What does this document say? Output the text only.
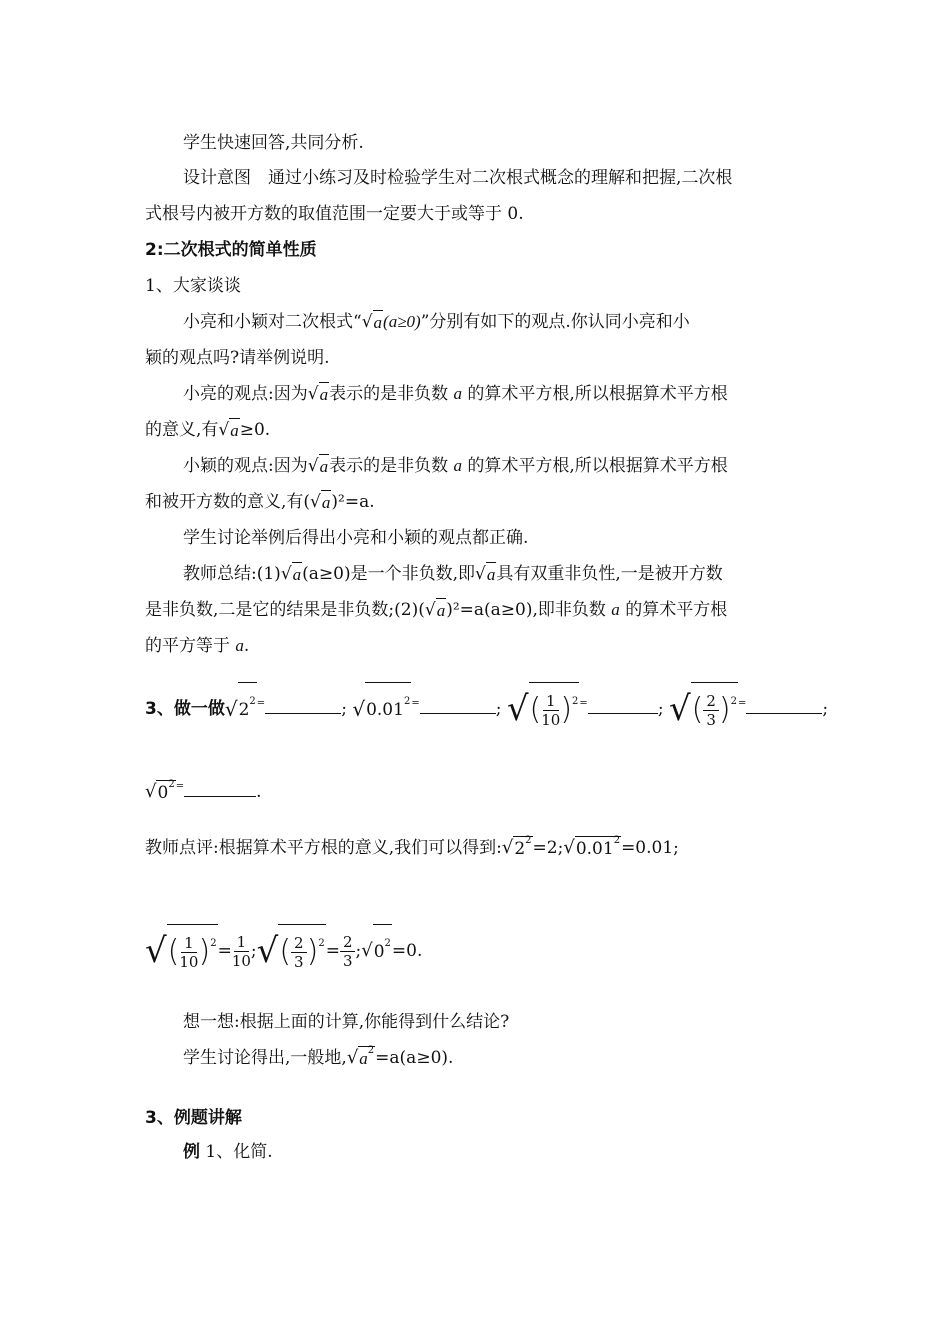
学生快速回答,共同分析.
设计意图　通过小练习及时检验学生对二次根式概念的理解和把握,二次根
式根号内被开方数的取值范围一定要大于或等于 0.
2:二次根式的简单性质
1、大家谈谈
小亮和小颖对二次根式“ √ a (a≥0)”分别有如下的观点.你认同小亮和小
颖的观点吗?请举例说明.
小亮的观点:因为 √ a 表示的是非负数 a 的算术平方根,所以根据算术平方根
的意义,有 √ a ≥0.
小颖的观点:因为 √ a 表示的是非负数 a 的算术平方根,所以根据算术平方根
和被开方数的意义,有( √ a )²=a.
学生讨论举例后得出小亮和小颖的观点都正确.
教师总结:(1) √ a (a≥0)是一个非负数,即 √ a 具有双重非负性,一是被开方数
是非负数,二是它的结果是非负数;(2)( √ a )²=a(a≥0),即非负数 a 的算术平方根
的平方等于 a.
3、做一做 √ 2 2 =	; √ 0.01 2 =	; √ ( $\frac{1}{10}$ ) 2 =	; √ ( $\frac{2}{3}$ ) 2 =	;
√ 0 2 =	.
教师点评:根据算术平方根的意义,我们可以得到: √ 2 2 =2; √ 0.01 2 =0.01;
√ ( $\frac{1}{10}$ ) $2 = \frac{1}{10}$ ; √ ( $\frac{2}{3}$ ) $2 = \frac{2}{3}$ ; √ 0 2 =0.
想一想:根据上面的计算,你能得到什么结论?
学生讨论得出,一般地, √ a 2 =a(a≥0).
3、例题讲解
例 1、化简.
